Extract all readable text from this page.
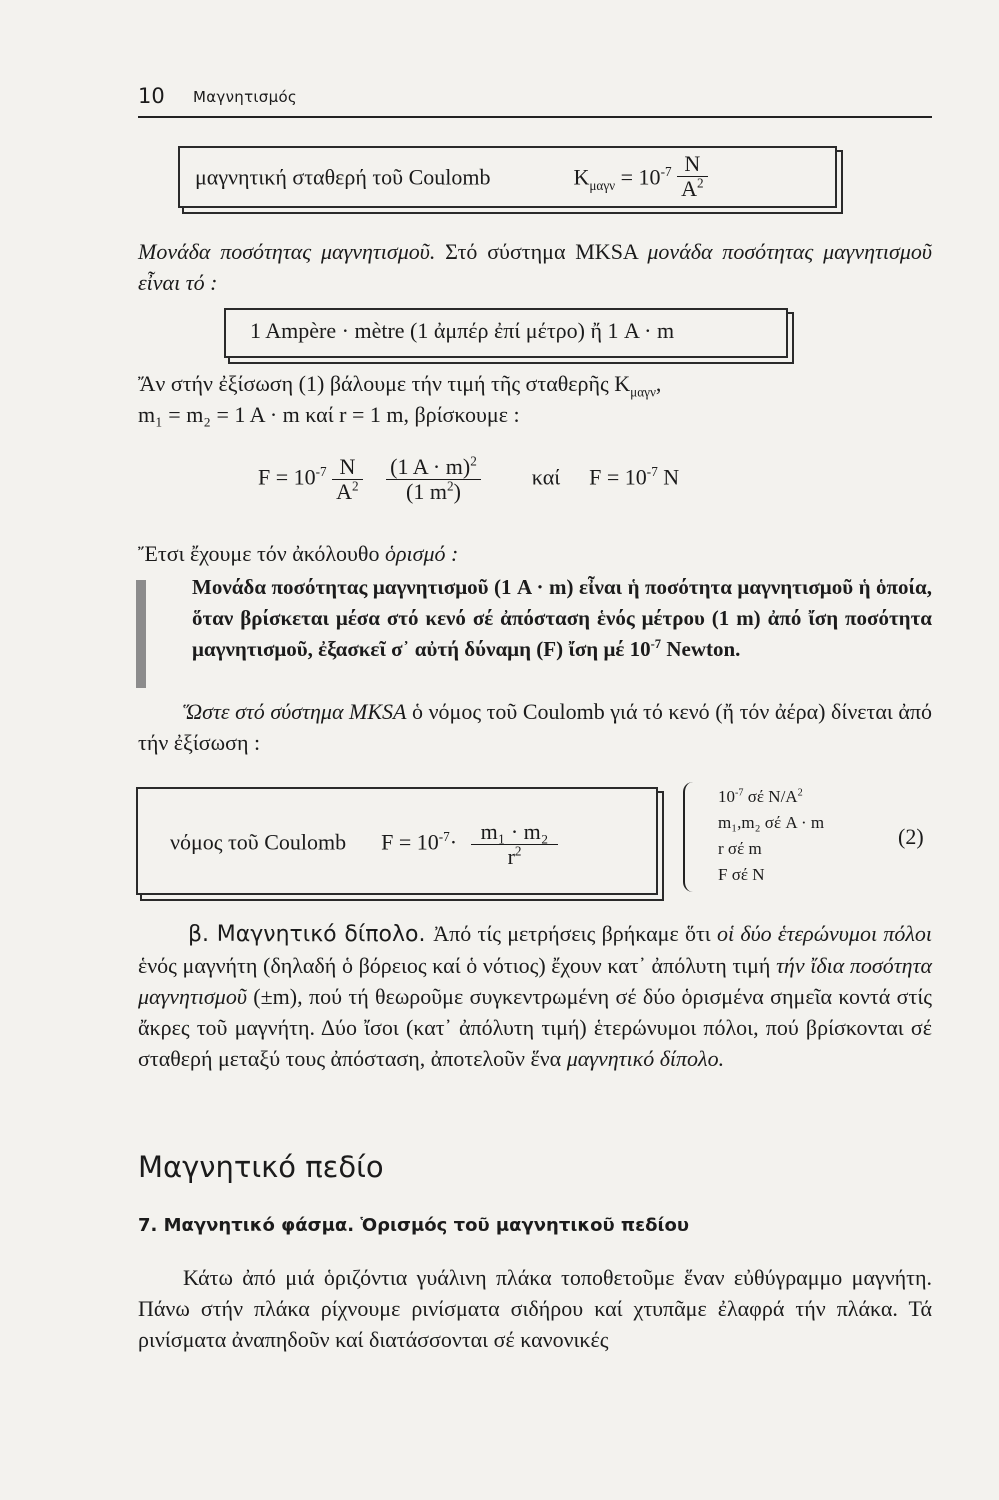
10 Μαγνητισμός
μαγνητική σταθερή τοῦ Coulomb	$K_{\mu\alpha\gamma\nu} = 10^{-7} \frac{N}{A^2}$
Μονάδα ποσότητας μαγνητισμοῦ. Στό σύστημα MKSA μονάδα ποσότητας μαγνητισμοῦ εἶναι τό :
1 Ampère · mètre (1 ἀμπέρ ἐπί μέτρο) ἤ 1 A · m
Ἄν στήν ἐξίσωση (1) βάλουμε τήν τιμή τῆς σταθερῆς $K_{\mu\alpha\gamma\nu}$,
m₁ = m₂ = 1 A · m καί r = 1 m, βρίσκουμε :
$F = 10^{-7} \frac{N}{A^2}$
$\frac{(1 A \cdot m)^2}{(1 m^2)}$ καί $F = 10^{-7}$ N
Ἔτσι ἔχουμε τόν ἀκόλουθο ὁρισμό :
Μονάδα ποσότητας μαγνητισμοῦ (1 A · m) εἶναι ἡ ποσότητα μαγνητισμοῦ ἡ ὁποία, ὅταν βρίσκεται μέσα στό κενό σέ ἀπόσταση ἑνός μέτρου (1 m) ἀπό ἴση ποσότητα μαγνητισμοῦ, ἐξασκεῖ σ᾽ αὐτή δύναμη (F) ἴση μέ $10^{-7}$ Newton.
Ὥστε στό σύστημα MKSA ὁ νόμος τοῦ Coulomb γιά τό κενό (ἤ τόν ἀέρα) δίνεται ἀπό τήν ἐξίσωση :
νόμος τοῦ Coulomb $F = 10^{-7}\cdot \frac{\text{m₁ · m₂}}{r^2}$
$10^{-7}$ σέ $N/A^2$
m₁,m₂ σέ A · m
r σέ m
F σέ N
(2)
β. Μαγνητικό δίπολο. Ἀπό τίς μετρήσεις βρήκαμε ὅτι οἱ δύο ἑτερώνυμοι πόλοι ἑνός μαγνήτη (δηλαδή ὁ βόρειος καί ὁ νότιος) ἔχουν κατ᾽ ἀπόλυτη τιμή τήν ἴδια ποσότητα μαγνητισμοῦ (±m), πού τή θεωροῦμε συγκεντρωμένη σέ δύο ὁρισμένα σημεῖα κοντά στίς ἄκρες τοῦ μαγνήτη. Δύο ἴσοι (κατ᾽ ἀπόλυτη τιμή) ἑτερώνυμοι πόλοι, πού βρίσκονται σέ σταθερή μεταξύ τους ἀπόσταση, ἀποτελοῦν ἕνα μαγνητικό δίπολο.
Μαγνητικό πεδίο
7. Μαγνητικό φάσμα. Ὁρισμός τοῦ μαγνητικοῦ πεδίου
Κάτω ἀπό μιά ὁριζόντια γυάλινη πλάκα τοποθετοῦμε ἕναν εὐθύγραμμο μαγνήτη. Πάνω στήν πλάκα ρίχνουμε ρινίσματα σιδήρου καί χτυπᾶμε ἐλαφρά τήν πλάκα. Τά ρινίσματα ἀναπηδοῦν καί διατάσσονται σέ κανονικές
